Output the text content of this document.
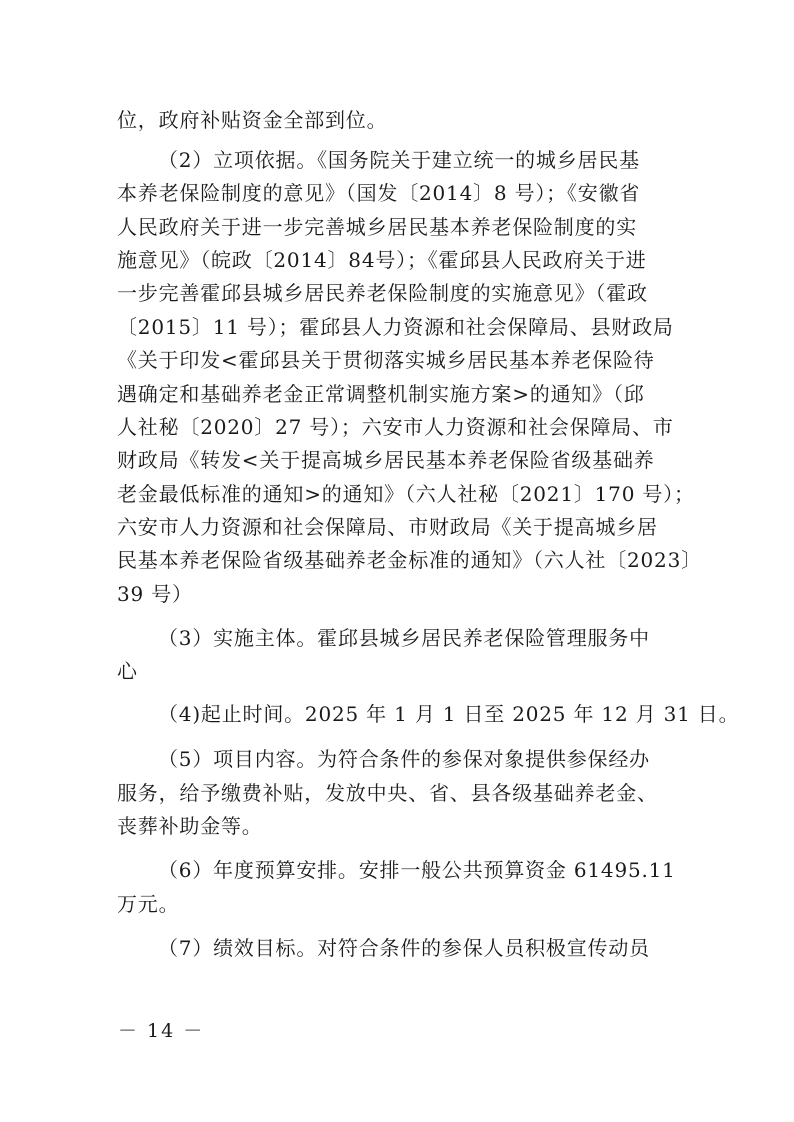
位，政府补贴资金全部到位。
（2）立项依据。《国务院关于建立统一的城乡居民基
本养老保险制度的意见》（国发〔2014〕8 号）；《安徽省
人民政府关于进一步完善城乡居民基本养老保险制度的实
施意见》（皖政〔2014〕84号）；《霍邱县人民政府关于进
一步完善霍邱县城乡居民养老保险制度的实施意见》（霍政
〔2015〕11 号）；霍邱县人力资源和社会保障局、县财政局
《关于印发<霍邱县关于贯彻落实城乡居民基本养老保险待
遇确定和基础养老金正常调整机制实施方案>的通知》（邱
人社秘〔2020〕27 号）；六安市人力资源和社会保障局、市
财政局《转发<关于提高城乡居民基本养老保险省级基础养
老金最低标准的通知>的通知》（六人社秘〔2021〕170 号）；
六安市人力资源和社会保障局、市财政局《关于提高城乡居
民基本养老保险省级基础养老金标准的通知》（六人社〔2023〕
39 号）
（3）实施主体。霍邱县城乡居民养老保险管理服务中
心
（4)起止时间。2025 年 1 月 1 日至 2025 年 12 月 31 日。
（5）项目内容。为符合条件的参保对象提供参保经办
服务，给予缴费补贴，发放中央、省、县各级基础养老金、
丧葬补助金等。
（6）年度预算安排。安排一般公共预算资金 61495.11
万元。
（7）绩效目标。对符合条件的参保人员积极宣传动员
－ 14 －
